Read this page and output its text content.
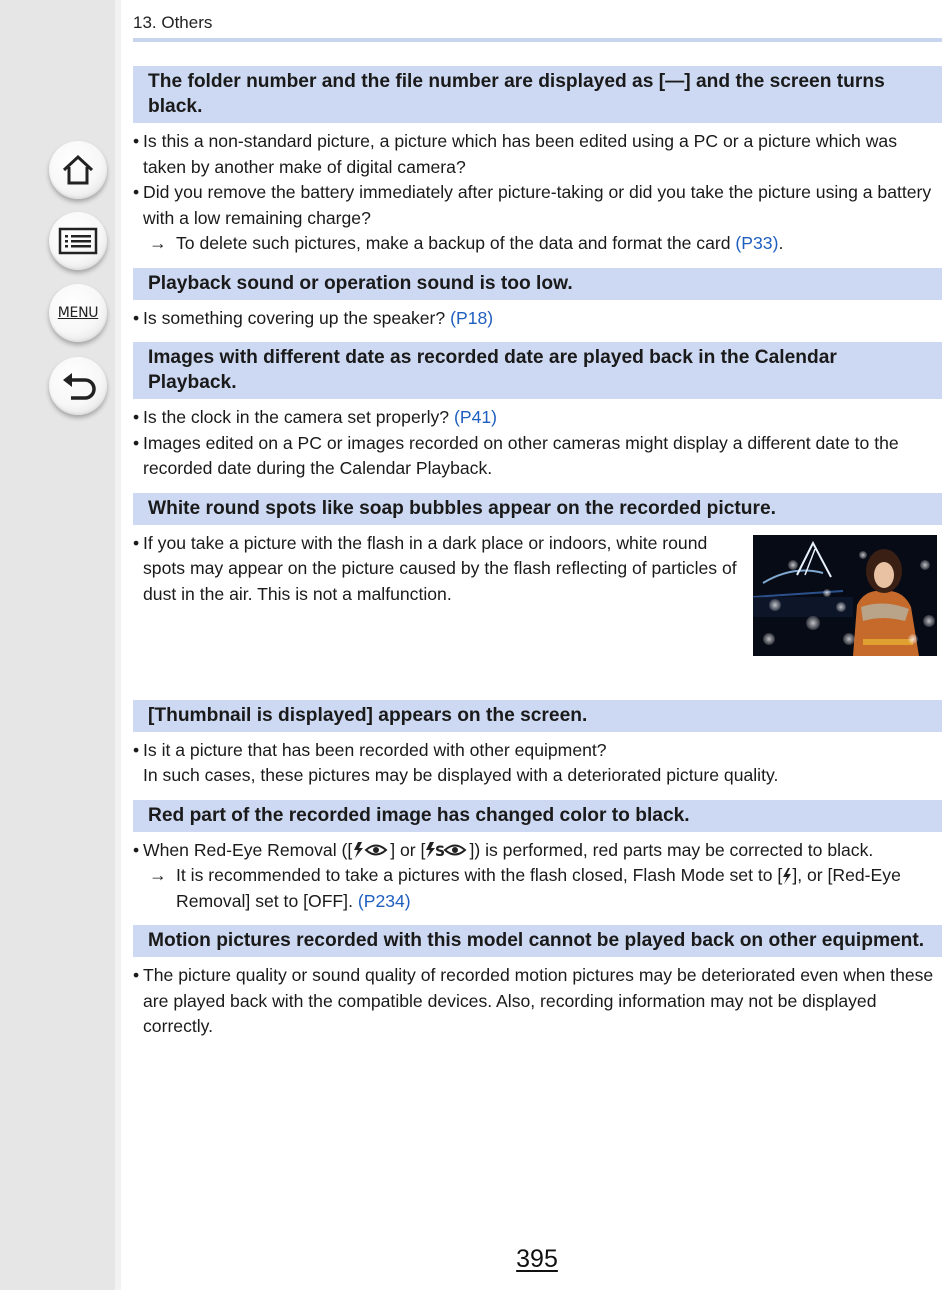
MENU
13. Others
The folder number and the file number are displayed as [—] and the screen turns black.
• Is this a non-standard picture, a picture which has been edited using a PC or a picture which was taken by another make of digital camera?
• Did you remove the battery immediately after picture-taking or did you take the picture using a battery with a low remaining charge?
→ To delete such pictures, make a backup of the data and format the card (P33).
Playback sound or operation sound is too low.
• Is something covering up the speaker? (P18)
Images with different date as recorded date are played back in the Calendar Playback.
• Is the clock in the camera set properly? (P41)
• Images edited on a PC or images recorded on other cameras might display a different date to the recorded date during the Calendar Playback.
White round spots like soap bubbles appear on the recorded picture.
• If you take a picture with the flash in a dark place or indoors, white round spots may appear on the picture caused by the flash reflecting of particles of dust in the air. This is not a malfunction.
[Thumbnail is displayed] appears on the screen.
• Is it a picture that has been recorded with other equipment?
In such cases, these pictures may be displayed with a deteriorated picture quality.
Red part of the recorded image has changed color to black.
• When Red-Eye Removal ([ ] or [ S ]) is performed, red parts may be corrected to black.
→ It is recommended to take a pictures with the flash closed, Flash Mode set to [ ], or [Red-Eye Removal] set to [OFF]. (P234)
Motion pictures recorded with this model cannot be played back on other equipment.
• The picture quality or sound quality of recorded motion pictures may be deteriorated even when these are played back with the compatible devices. Also, recording information may not be displayed correctly.
395
